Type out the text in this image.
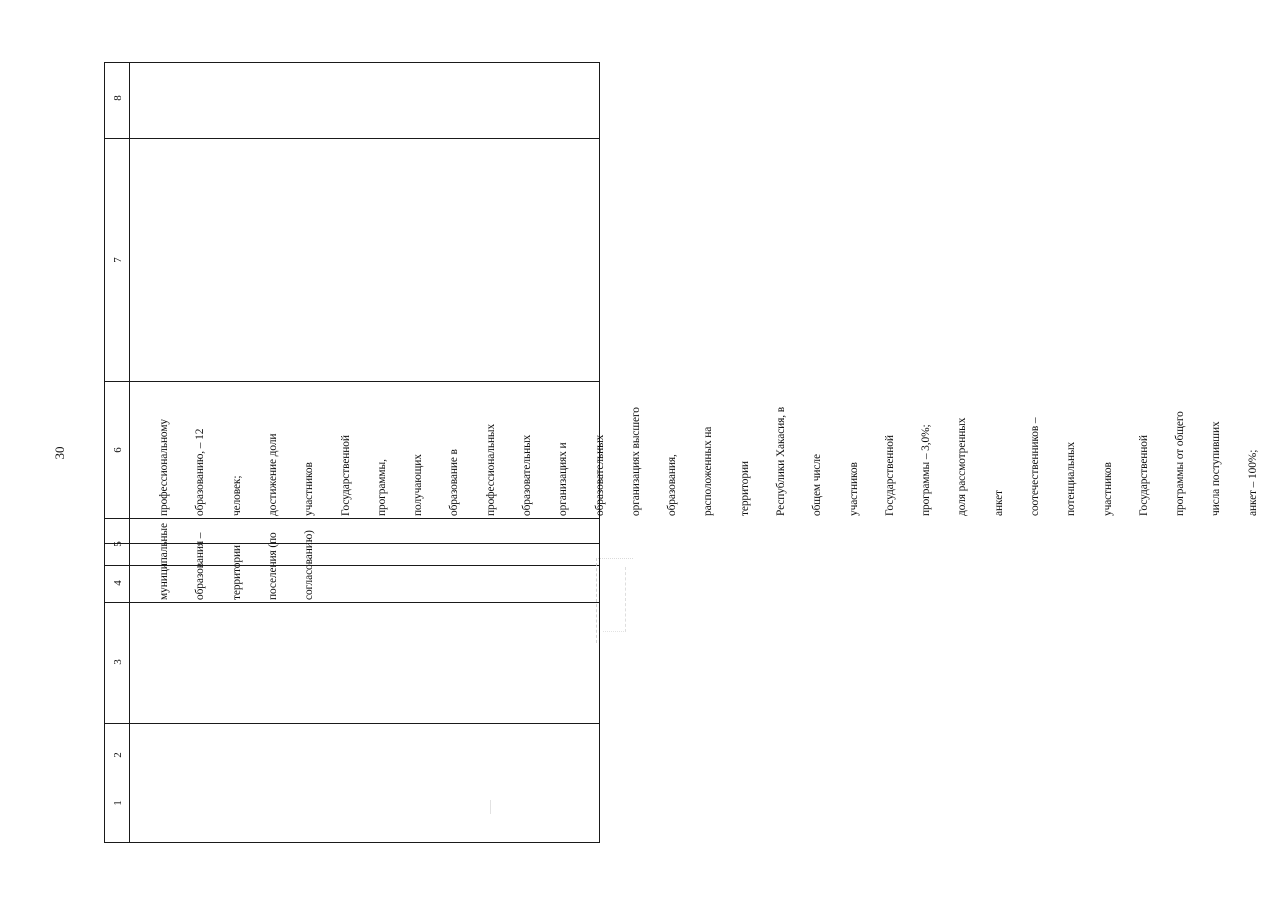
30
1
2
3
4
5
6
7
8

муниципальные

образования –

территории

поселения (по

согласованию)

профессиональному

образованию, – 12

человек;

достижение доли

участников

Государственной

программы,

получающих

образование в

профессиональных

образовательных

организациях и

образовательных

организациях высшего

образования,

расположенных на

территории

Республики Хакасия, в

общем числе

участников

Государственной

программы – 3,0%;

доля рассмотренных

анкет

соотечественников –

потенциальных

участников

Государственной

программы от общего

числа поступивших

анкет – 100%;
